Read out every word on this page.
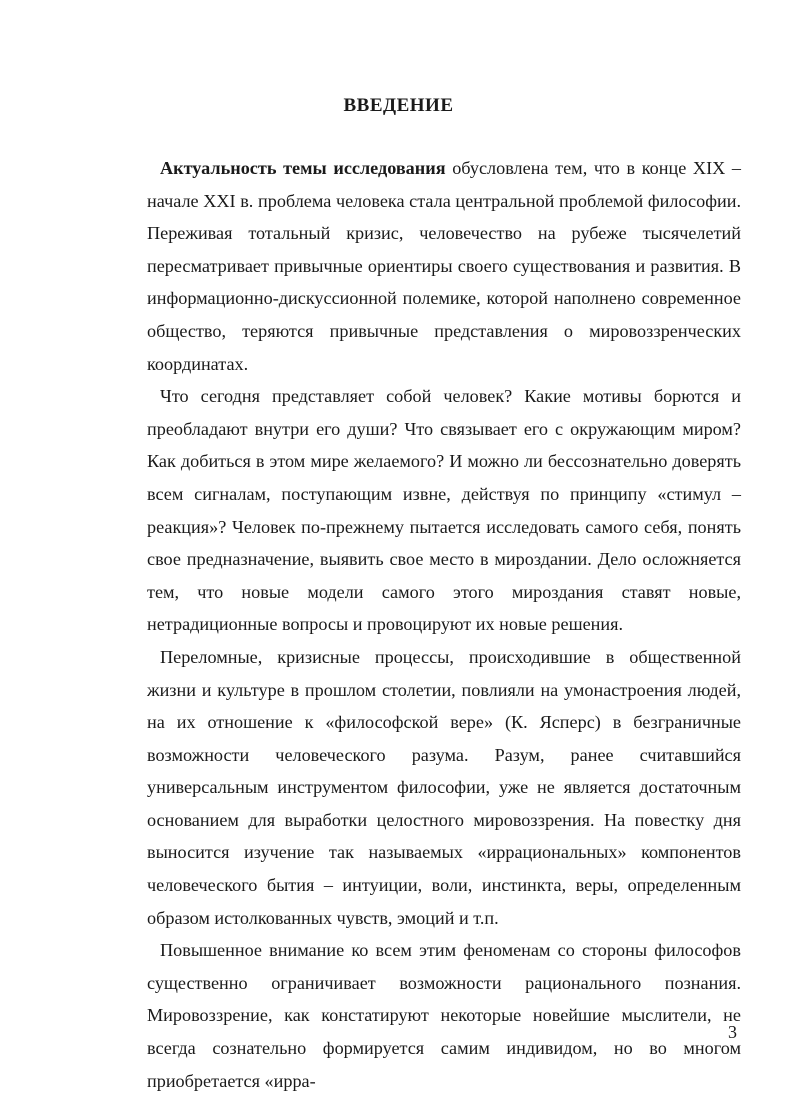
ВВЕДЕНИЕ

Актуальность темы исследования обусловлена тем, что в конце XIX – начале XXI в. проблема человека стала центральной проблемой философии. Переживая тотальный кризис, человечество на рубеже тысячелетий пересматривает привычные ориентиры своего существования и развития. В информационно-дискуссионной полемике, которой наполнено современное общество, теряются привычные представления о мировоззренческих координатах.

Что сегодня представляет собой человек? Какие мотивы борются и преобладают внутри его души? Что связывает его с окружающим миром? Как добиться в этом мире желаемого? И можно ли бессознательно доверять всем сигналам, поступающим извне, действуя по принципу «стимул – реакция»? Человек по-прежнему пытается исследовать самого себя, понять свое предназначение, выявить свое место в мироздании. Дело осложняется тем, что новые модели самого этого мироздания ставят новые, нетрадиционные вопросы и провоцируют их новые решения.

Переломные, кризисные процессы, происходившие в общественной жизни и культуре в прошлом столетии, повлияли на умонастроения людей, на их отношение к «философской вере» (К. Ясперс) в безграничные возможности человеческого разума. Разум, ранее считавшийся универсальным инструментом философии, уже не является достаточным основанием для выработки целостного мировоззрения. На повестку дня выносится изучение так называемых «иррациональных» компонентов человеческого бытия – интуиции, воли, инстинкта, веры, определенным образом истолкованных чувств, эмоций и т.п.

Повышенное внимание ко всем этим феноменам со стороны философов существенно ограничивает возможности рационального познания. Мировоззрение, как констатируют некоторые новейшие мыслители, не всегда сознательно формируется самим индивидом, но во многом приобретается «ирра-

3
